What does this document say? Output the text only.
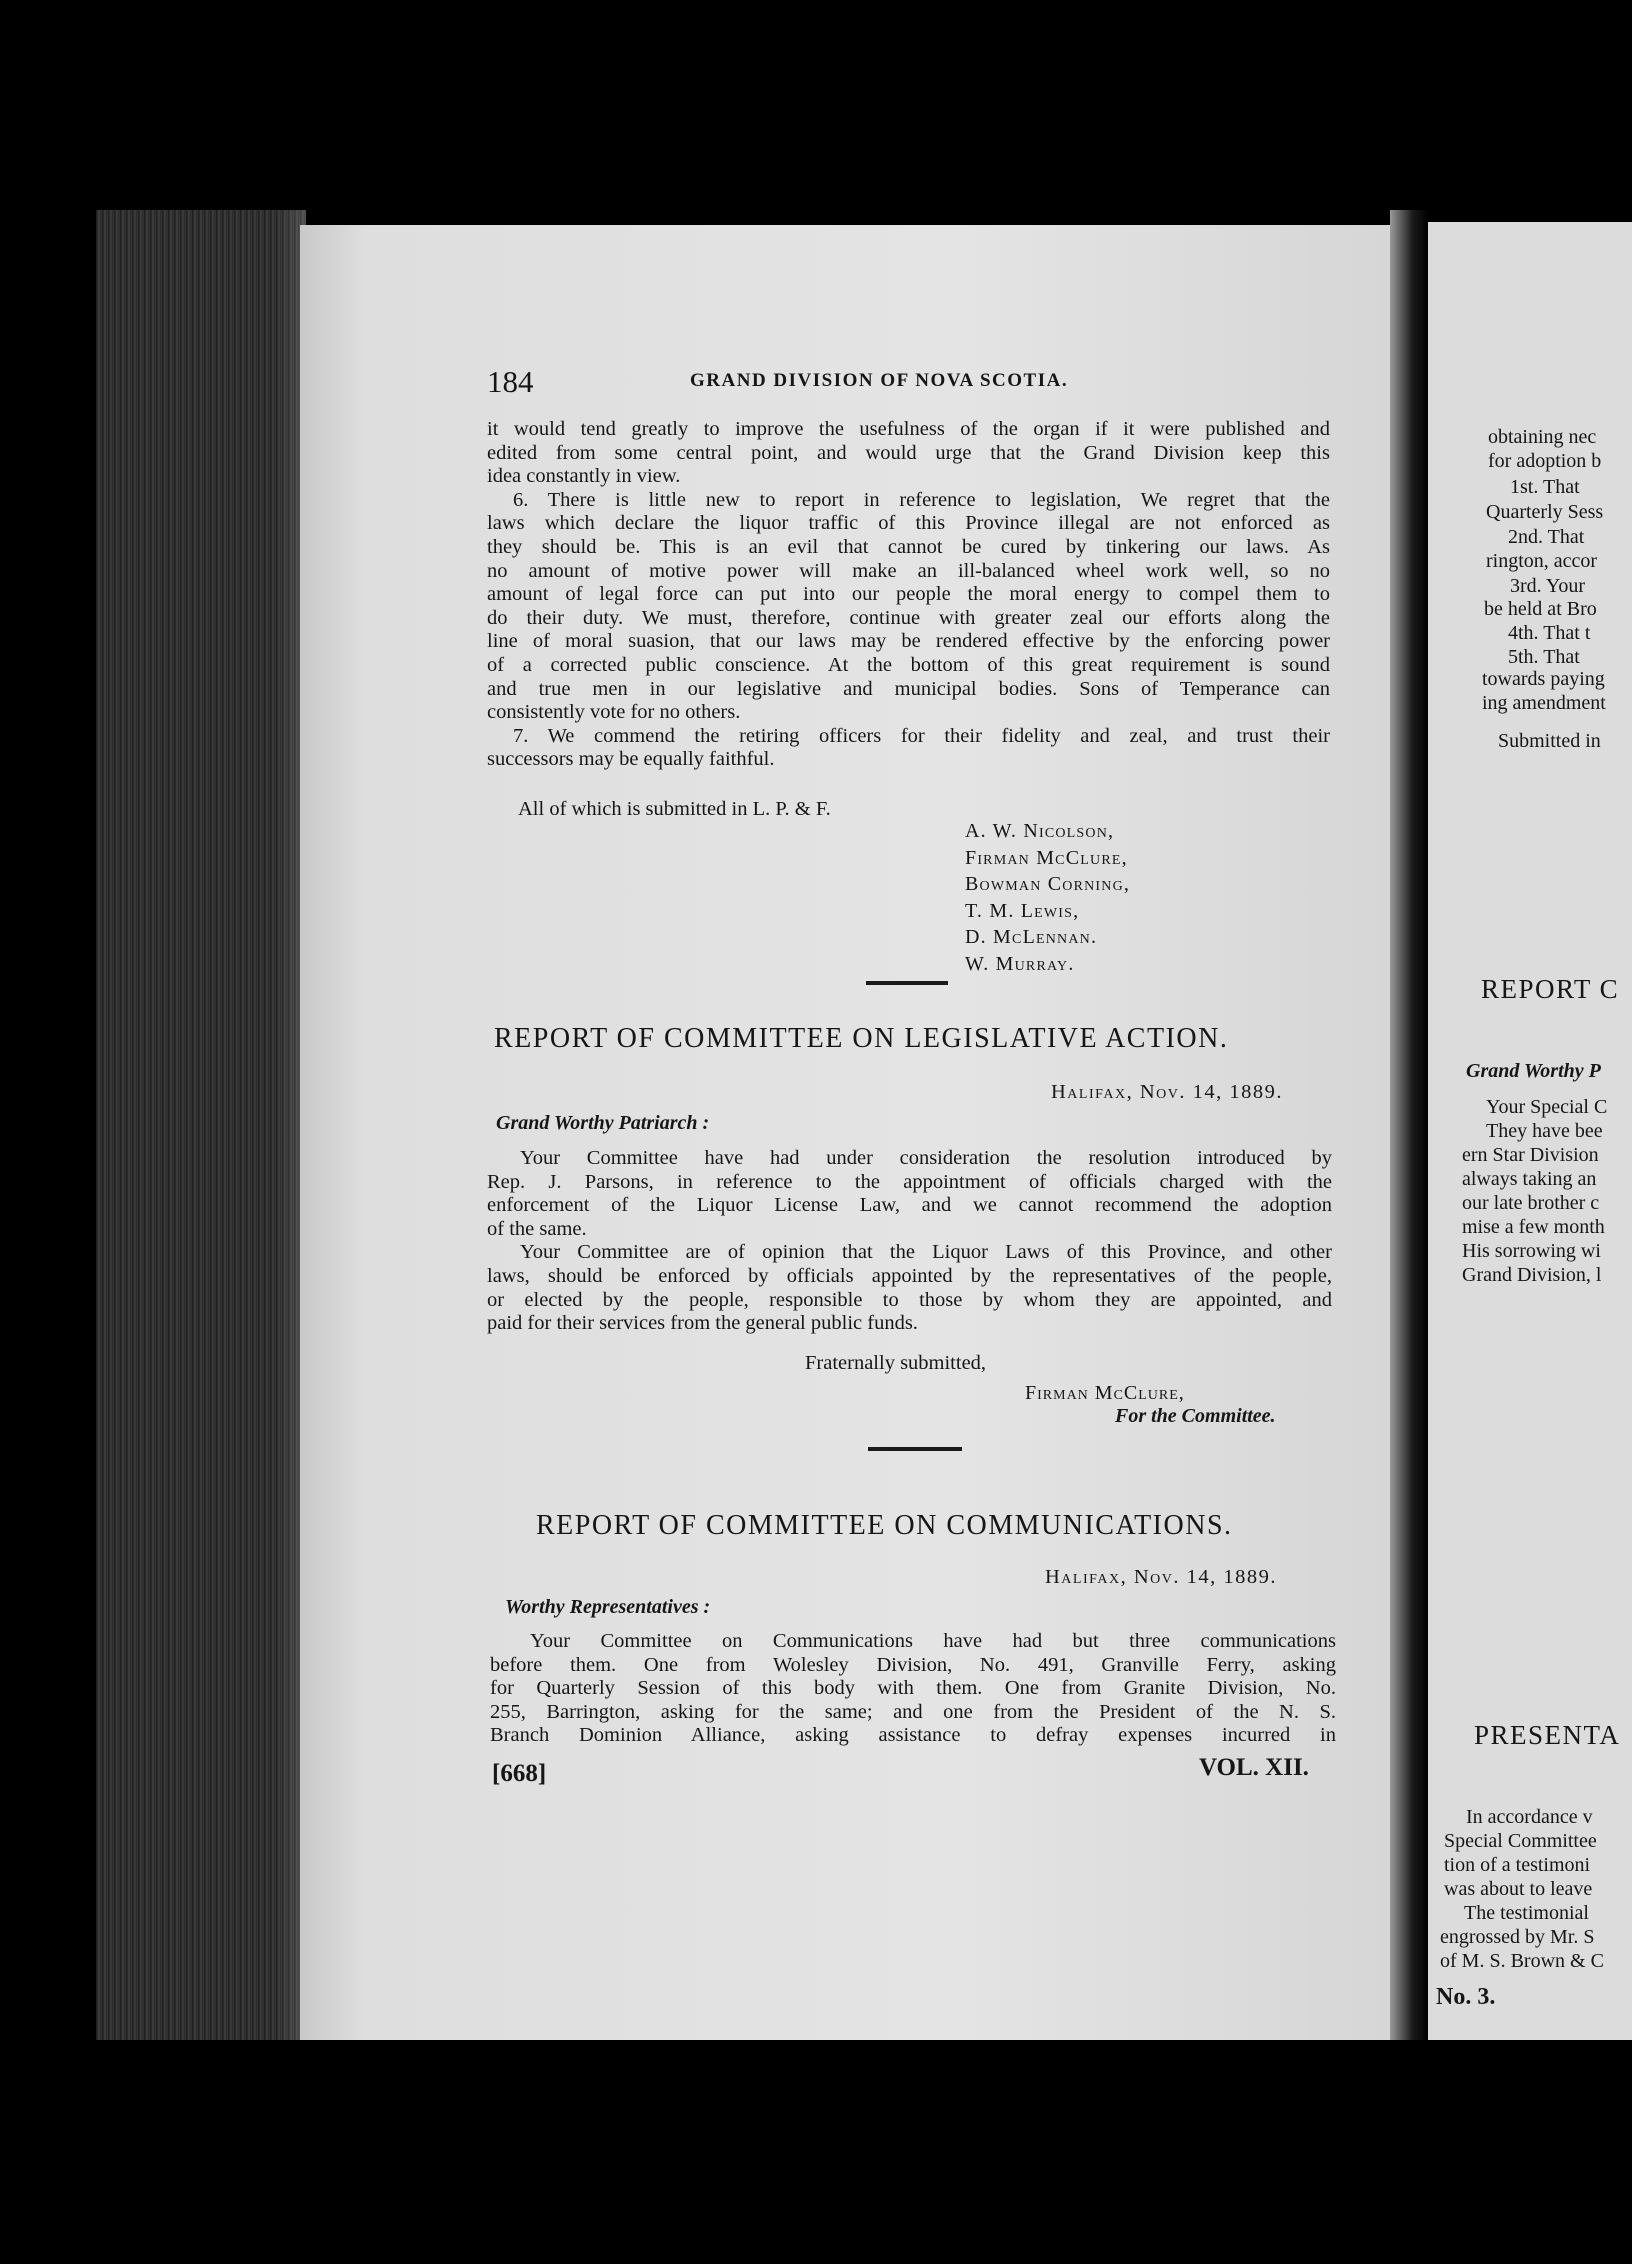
184	GRAND DIVISION OF NOVA SCOTIA.
it would tend greatly to improve the usefulness of the organ if it were published and
edited from some central point, and would urge that the Grand Division keep this
idea constantly in view.
6. There is little new to report in reference to legislation, We regret that the
laws which declare the liquor traffic of this Province illegal are not enforced as
they should be. This is an evil that cannot be cured by tinkering our laws. As
no amount of motive power will make an ill-balanced wheel work well, so no
amount of legal force can put into our people the moral energy to compel them to
do their duty. We must, therefore, continue with greater zeal our efforts along the
line of moral suasion, that our laws may be rendered effective by the enforcing power
of a corrected public conscience. At the bottom of this great requirement is sound
and true men in our legislative and municipal bodies. Sons of Temperance can
consistently vote for no others.
7. We commend the retiring officers for their fidelity and zeal, and trust their
successors may be equally faithful.
All of which is submitted in L. P. & F.
A. W. Nicolson,
Firman McClure,
Bowman Corning,
T. M. Lewis,
D. McLennan.
W. Murray.
REPORT OF COMMITTEE ON LEGISLATIVE ACTION.
Halifax, Nov. 14, 1889.
Grand Worthy Patriarch :
Your Committee have had under consideration the resolution introduced by
Rep. J. Parsons, in reference to the appointment of officials charged with the
enforcement of the Liquor License Law, and we cannot recommend the adoption
of the same.
Your Committee are of opinion that the Liquor Laws of this Province, and other
laws, should be enforced by officials appointed by the representatives of the people,
or elected by the people, responsible to those by whom they are appointed, and
paid for their services from the general public funds.
Fraternally submitted,
Firman McClure,
For the Committee.
REPORT OF COMMITTEE ON COMMUNICATIONS.
Halifax, Nov. 14, 1889.
Worthy Representatives :
Your Committee on Communications have had but three communications
before them. One from Wolesley Division, No. 491, Granville Ferry, asking
for Quarterly Session of this body with them. One from Granite Division, No.
255, Barrington, asking for the same; and one from the President of the N. S.
Branch Dominion Alliance, asking assistance to defray expenses incurred in
[668]	VOL. XII.
obtaining nec
for adoption b
1st. That
Quarterly Sess
2nd. That
rington, accor
3rd. Your
be held at Bro
4th. That t
5th. That
towards paying
ing amendment
Submitted in
REPORT C
Grand Worthy P
Your Special C
They have bee
ern Star Division
always taking an
our late brother c
mise a few month
His sorrowing wi
Grand Division, l
PRESENTA
In accordance v
Special Committee
tion of a testimoni
was about to leave
The testimonial
engrossed by Mr. S
of M. S. Brown & C
No. 3.
